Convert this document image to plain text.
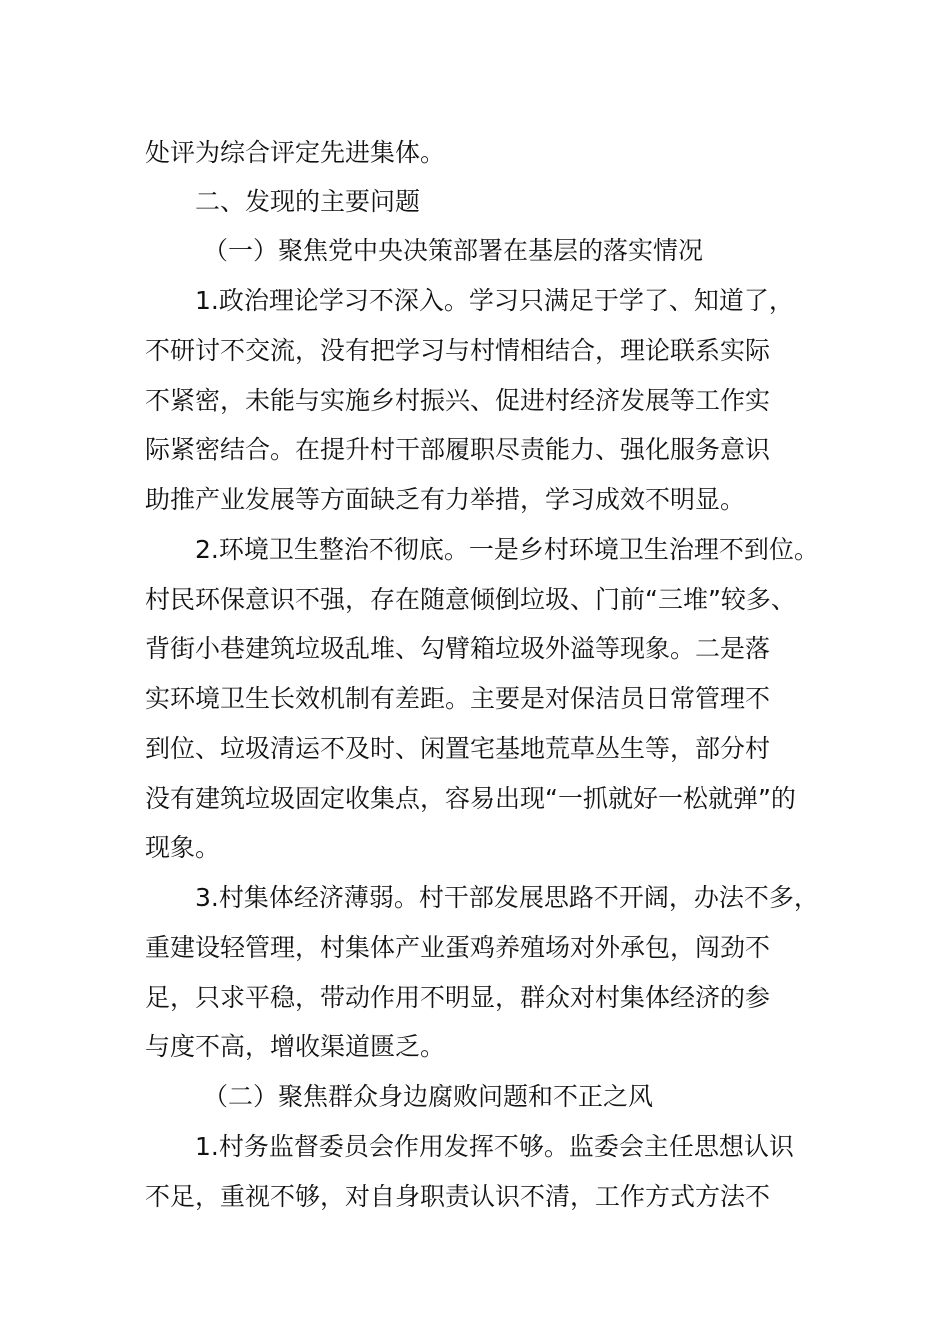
处评为综合评定先进集体。
二、发现的主要问题
（一）聚焦党中央决策部署在基层的落实情况
1.政治理论学习不深入。学习只满足于学了、知道了，
不研讨不交流，没有把学习与村情相结合，理论联系实际
不紧密，未能与实施乡村振兴、促进村经济发展等工作实
际紧密结合。在提升村干部履职尽责能力、强化服务意识
助推产业发展等方面缺乏有力举措，学习成效不明显。
2.环境卫生整治不彻底。一是乡村环境卫生治理不到位。
村民环保意识不强，存在随意倾倒垃圾、门前“三堆”较多、
背街小巷建筑垃圾乱堆、勾臂箱垃圾外溢等现象。二是落
实环境卫生长效机制有差距。主要是对保洁员日常管理不
到位、垃圾清运不及时、闲置宅基地荒草丛生等，部分村
没有建筑垃圾固定收集点，容易出现“一抓就好一松就弹”的
现象。
3.村集体经济薄弱。村干部发展思路不开阔，办法不多，
重建设轻管理，村集体产业蛋鸡养殖场对外承包，闯劲不
足，只求平稳，带动作用不明显，群众对村集体经济的参
与度不高，增收渠道匮乏。
（二）聚焦群众身边腐败问题和不正之风
1.村务监督委员会作用发挥不够。监委会主任思想认识
不足，重视不够，对自身职责认识不清，工作方式方法不
